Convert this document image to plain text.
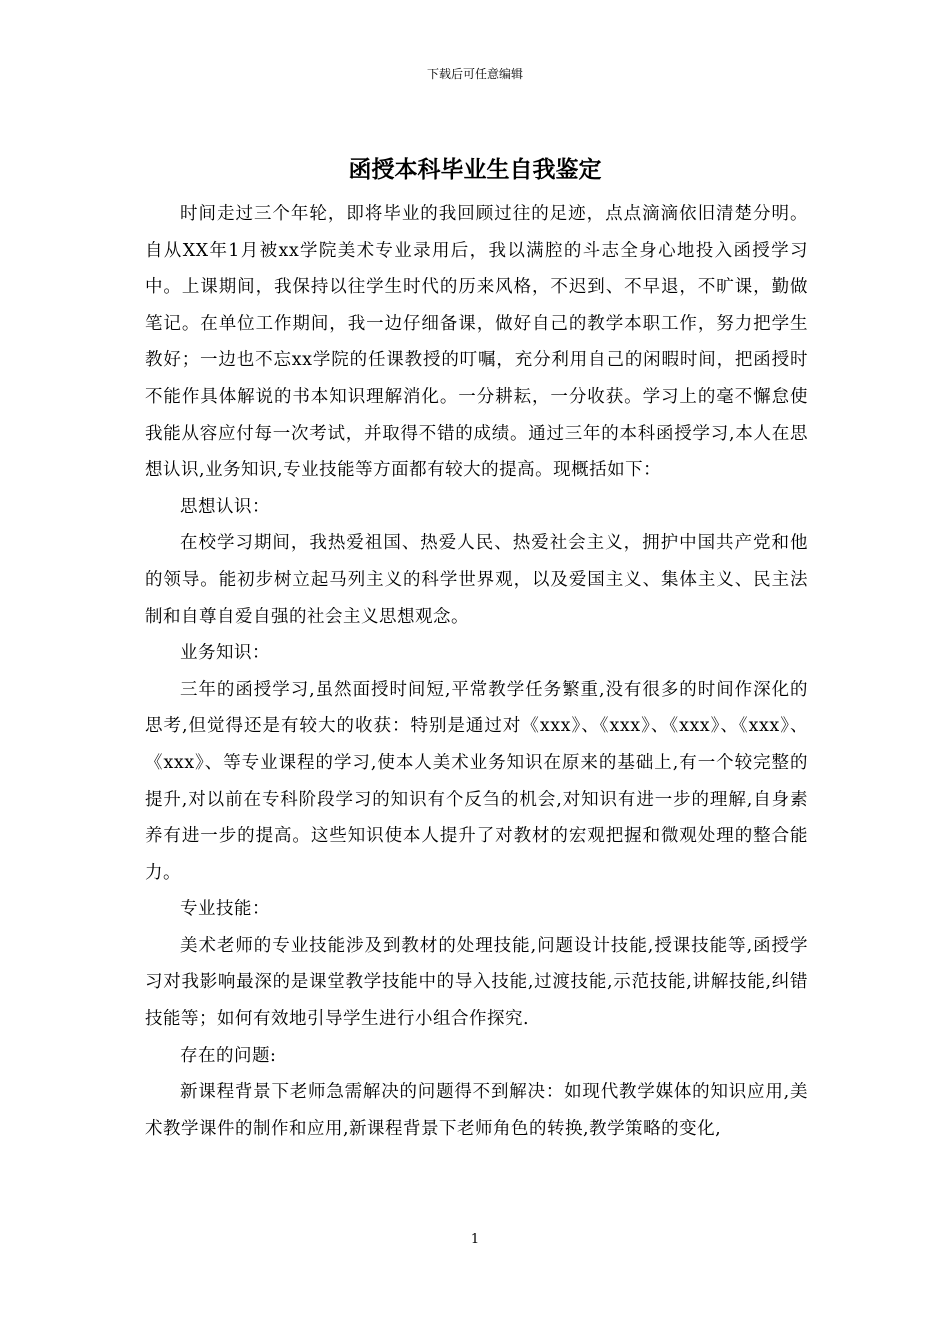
下载后可任意编辑
函授本科毕业生自我鉴定

时间走过三个年轮，即将毕业的我回顾过往的足迹，点点滴滴依旧清楚分明。自从XX年1月被xx学院美术专业录用后，我以满腔的斗志全身心地投入函授学习中。上课期间，我保持以往学生时代的历来风格，不迟到、不早退，不旷课，勤做笔记。在单位工作期间，我一边仔细备课，做好自己的教学本职工作，努力把学生教好；一边也不忘xx学院的任课教授的叮嘱，充分利用自己的闲暇时间，把函授时不能作具体解说的书本知识理解消化。一分耕耘，一分收获。学习上的毫不懈怠使我能从容应付每一次考试，并取得不错的成绩。通过三年的本科函授学习,本人在思想认识,业务知识,专业技能等方面都有较大的提高。现概括如下：

思想认识：

在校学习期间，我热爱祖国、热爱人民、热爱社会主义，拥护中国共产党和他的领导。能初步树立起马列主义的科学世界观，以及爱国主义、集体主义、民主法制和自尊自爱自强的社会主义思想观念。

业务知识：

三年的函授学习,虽然面授时间短,平常教学任务繁重,没有很多的时间作深化的思考,但觉得还是有较大的收获：特别是通过对《xxx》、《xxx》、《xxx》、《xxx》、《xxx》、等专业课程的学习,使本人美术业务知识在原来的基础上,有一个较完整的提升,对以前在专科阶段学习的知识有个反刍的机会,对知识有进一步的理解,自身素养有进一步的提高。这些知识使本人提升了对教材的宏观把握和微观处理的整合能力。

专业技能：

美术老师的专业技能涉及到教材的处理技能,问题设计技能,授课技能等,函授学习对我影响最深的是课堂教学技能中的导入技能,过渡技能,示范技能,讲解技能,纠错技能等；如何有效地引导学生进行小组合作探究.

存在的问题:

新课程背景下老师急需解决的问题得不到解决：如现代教学媒体的知识应用,美术教学课件的制作和应用,新课程背景下老师角色的转换,教学策略的变化,

1
